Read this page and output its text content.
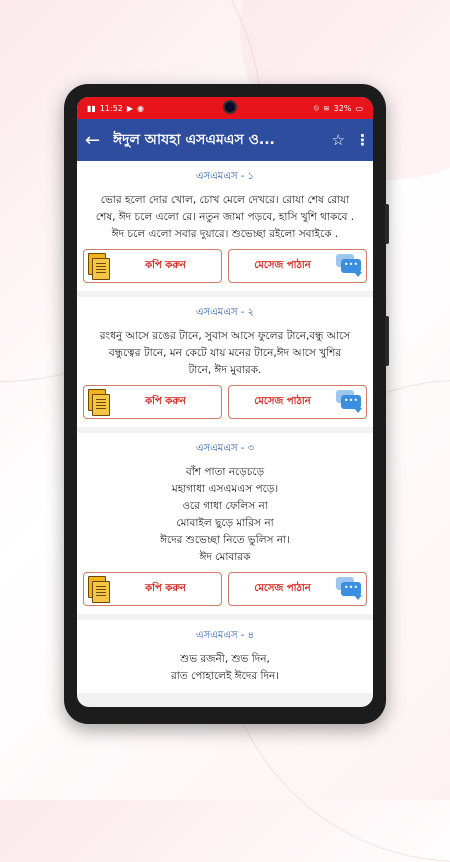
▮▮ 11:52 ▶ ◉	⦸ ≋ 32% ▭
← ঈদুল আযহা এসএমএস ও...	☆ ⋮
এসএমএস - ১
ভোর হলো দোর খোল, চোখ মেলে দেখরে। রোযা শেষ রোযা
শেষ, ঈদ চলে এলো রে। নতুন জামা পড়বে, হাসি খুশি থাকবে .
ঈদ চলে এলো সবার দুয়ারে। শুভেচ্ছা রইলো সবাইকে .
কপি করুন	মেসেজ পাঠান	•••
এসএমএস - ২
রংধনু আসে রঙের টানে, সুবাস আসে ফুলের টানে,বন্ধু আসে
বন্ধুত্বের টানে, মন কেটে যায় মনের টানে,ঈদ আসে খুশির
টানে, ঈদ মুবারক.
কপি করুন	মেসেজ পাঠান	•••
এসএমএস - ৩
বাঁশ পাতা নড়েচড়ে
মহাগাধা এসএমএস পড়ে।
ওরে গাধা ফেলিস না
মোবাইল ছুড়ে মারিস না
ঈদের শুভেচ্ছা নিতে ভুলিস না।
ঈদ মোবারক
কপি করুন	মেসেজ পাঠান	•••
এসএমএস - ৪
শুভ রজনী, শুভ দিন,
রাত পোহালেই ঈদের দিন।
